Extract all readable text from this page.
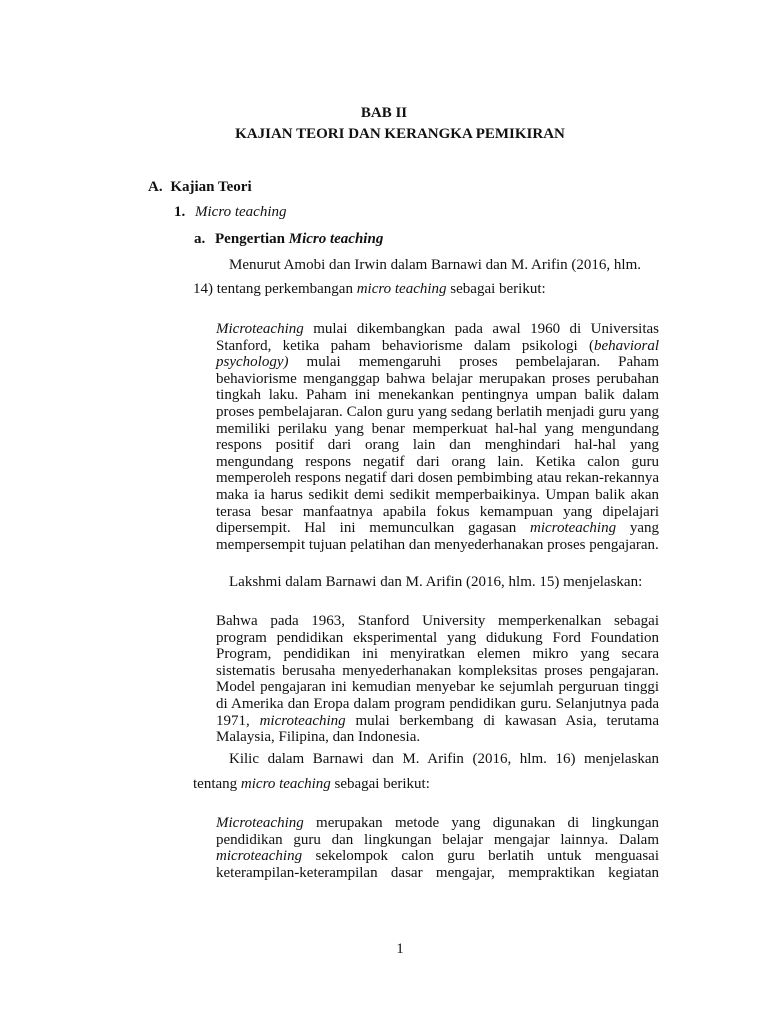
BAB II

KAJIAN TEORI DAN KERANGKA PEMIKIRAN

A. Kajian Teori
1. Micro teaching
a. Pengertian Micro teaching

Menurut Amobi dan Irwin dalam Barnawi dan M. Arifin (2016, hlm.

14) tentang perkembangan micro teaching sebagai berikut:

Microteaching mulai dikembangkan pada awal 1960 di Universitas Stanford, ketika paham behaviorisme dalam psikologi (behavioral psychology) mulai memengaruhi proses pembelajaran. Paham behaviorisme menganggap bahwa belajar merupakan proses perubahan tingkah laku. Paham ini menekankan pentingnya umpan balik dalam proses pembelajaran. Calon guru yang sedang berlatih menjadi guru yang memiliki perilaku yang benar memperkuat hal-hal yang mengundang respons positif dari orang lain dan menghindari hal-hal yang mengundang respons negatif dari orang lain. Ketika calon guru memperoleh respons negatif dari dosen pembimbing atau rekan-rekannya maka ia harus sedikit demi sedikit memperbaikinya. Umpan balik akan terasa besar manfaatnya apabila fokus kemampuan yang dipelajari dipersempit. Hal ini memunculkan gagasan microteaching yang mempersempit tujuan pelatihan dan menyederhanakan proses pengajaran.

Lakshmi dalam Barnawi dan M. Arifin (2016, hlm. 15) menjelaskan:

Bahwa pada 1963, Stanford University memperkenalkan sebagai program pendidikan eksperimental yang didukung Ford Foundation Program, pendidikan ini menyiratkan elemen mikro yang secara sistematis berusaha menyederhanakan kompleksitas proses pengajaran. Model pengajaran ini kemudian menyebar ke sejumlah perguruan tinggi di Amerika dan Eropa dalam program pendidikan guru. Selanjutnya pada 1971, microteaching mulai berkembang di kawasan Asia, terutama Malaysia, Filipina, dan Indonesia.

Kilic dalam Barnawi dan M. Arifin (2016, hlm. 16) menjelaskan

tentang micro teaching sebagai berikut:

Microteaching merupakan metode yang digunakan di lingkungan pendidikan guru dan lingkungan belajar mengajar lainnya. Dalam microteaching sekelompok calon guru berlatih untuk menguasai keterampilan-keterampilan dasar mengajar, mempraktikan kegiatan

1
